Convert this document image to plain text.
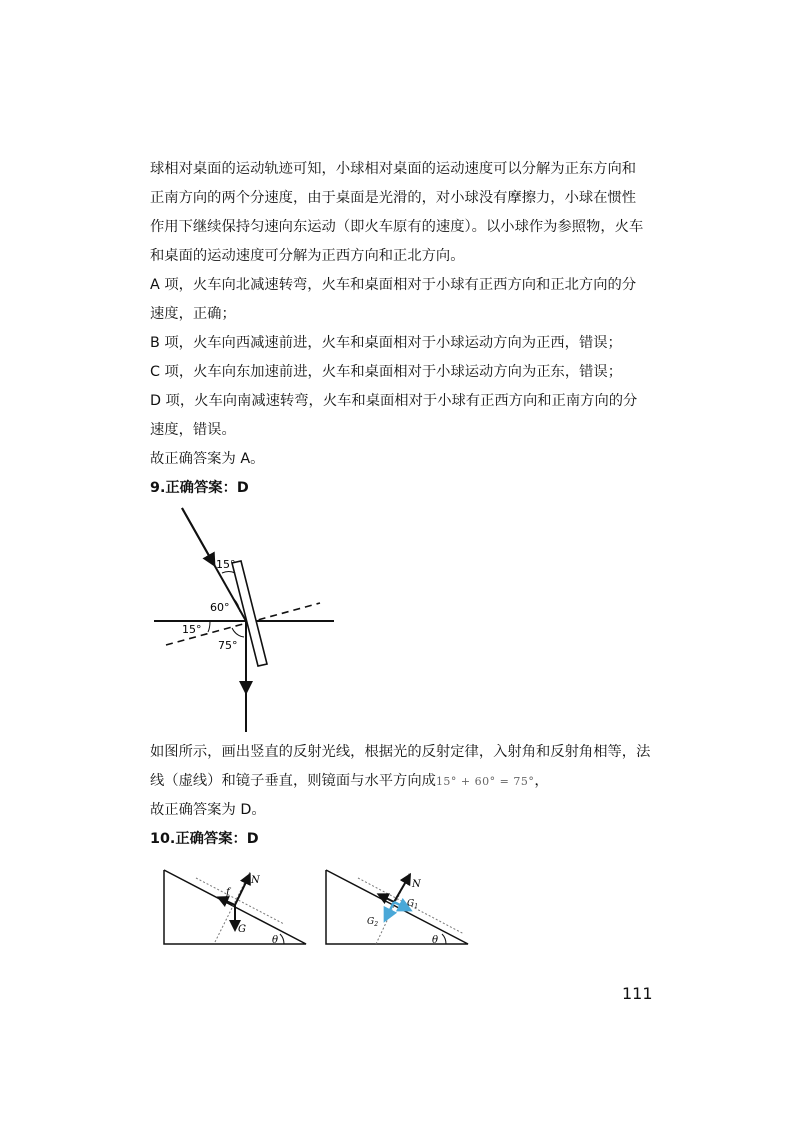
球相对桌面的运动轨迹可知，小球相对桌面的运动速度可以分解为正东方向和正南方向的两个分速度，由于桌面是光滑的，对小球没有摩擦力，小球在惯性作用下继续保持匀速向东运动（即火车原有的速度）。以小球作为参照物，火车和桌面的运动速度可分解为正西方向和正北方向。

A 项，火车向北减速转弯，火车和桌面相对于小球有正西方向和正北方向的分速度，正确；

B 项，火车向西减速前进，火车和桌面相对于小球运动方向为正西，错误；

C 项，火车向东加速前进，火车和桌面相对于小球运动方向为正东，错误；

D 项，火车向南减速转弯，火车和桌面相对于小球有正西方向和正南方向的分速度，错误。

故正确答案为 A。

9.正确答案：D

15°
60°
15°
75°

如图所示，画出竖直的反射光线，根据光的反射定律，入射角和反射角相等，法

线（虚线）和镜子垂直，则镜面与水平方向成15° + 60° = 75°，

故正确答案为 D。

10.正确答案：D

f
N
G
θ
N
$G_1$
$G_2$
θ
111
